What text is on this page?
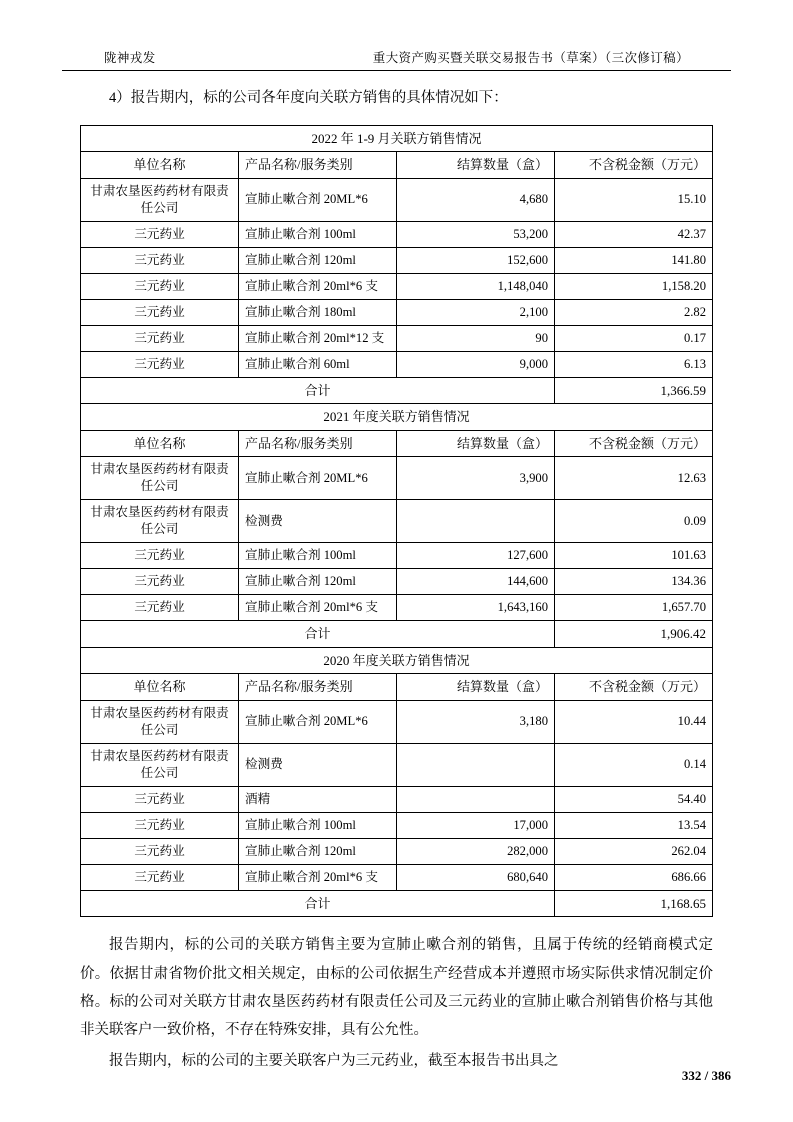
陇神戎发	重大资产购买暨关联交易报告书（草案）（三次修订稿）

4）报告期内，标的公司各年度向关联方销售的具体情况如下：

2022 年 1-9 月关联方销售情况			
单位名称	产品名称/服务类别	结算数量（盒）	不含税金额（万元）
甘肃农垦医药药材有限责任公司	宣肺止嗽合剂 20ML*6	4,680	15.10
三元药业	宣肺止嗽合剂 100ml	53,200	42.37
三元药业	宣肺止嗽合剂 120ml	152,600	141.80
三元药业	宣肺止嗽合剂 20ml*6 支	1,148,040	1,158.20
三元药业	宣肺止嗽合剂 180ml	2,100	2.82
三元药业	宣肺止嗽合剂 20ml*12 支	90	0.17
三元药业	宣肺止嗽合剂 60ml	9,000	6.13
合计			1,366.59
2021 年度关联方销售情况			
单位名称	产品名称/服务类别	结算数量（盒）	不含税金额（万元）
甘肃农垦医药药材有限责任公司	宣肺止嗽合剂 20ML*6	3,900	12.63
甘肃农垦医药药材有限责任公司	检测费		0.09
三元药业	宣肺止嗽合剂 100ml	127,600	101.63
三元药业	宣肺止嗽合剂 120ml	144,600	134.36
三元药业	宣肺止嗽合剂 20ml*6 支	1,643,160	1,657.70
合计			1,906.42
2020 年度关联方销售情况			
单位名称	产品名称/服务类别	结算数量（盒）	不含税金额（万元）
甘肃农垦医药药材有限责任公司	宣肺止嗽合剂 20ML*6	3,180	10.44
甘肃农垦医药药材有限责任公司	检测费		0.14
三元药业	酒精		54.40
三元药业	宣肺止嗽合剂 100ml	17,000	13.54
三元药业	宣肺止嗽合剂 120ml	282,000	262.04
三元药业	宣肺止嗽合剂 20ml*6 支	680,640	686.66
合计			1,168.65

报告期内，标的公司的关联方销售主要为宣肺止嗽合剂的销售，且属于传统的经销商模式定价。依据甘肃省物价批文相关规定，由标的公司依据生产经营成本并遵照市场实际供求情况制定价格。标的公司对关联方甘肃农垦医药药材有限责任公司及三元药业的宣肺止嗽合剂销售价格与其他非关联客户一致价格，不存在特殊安排，具有公允性。

报告期内，标的公司的主要关联客户为三元药业，截至本报告书出具之

332 / 386
